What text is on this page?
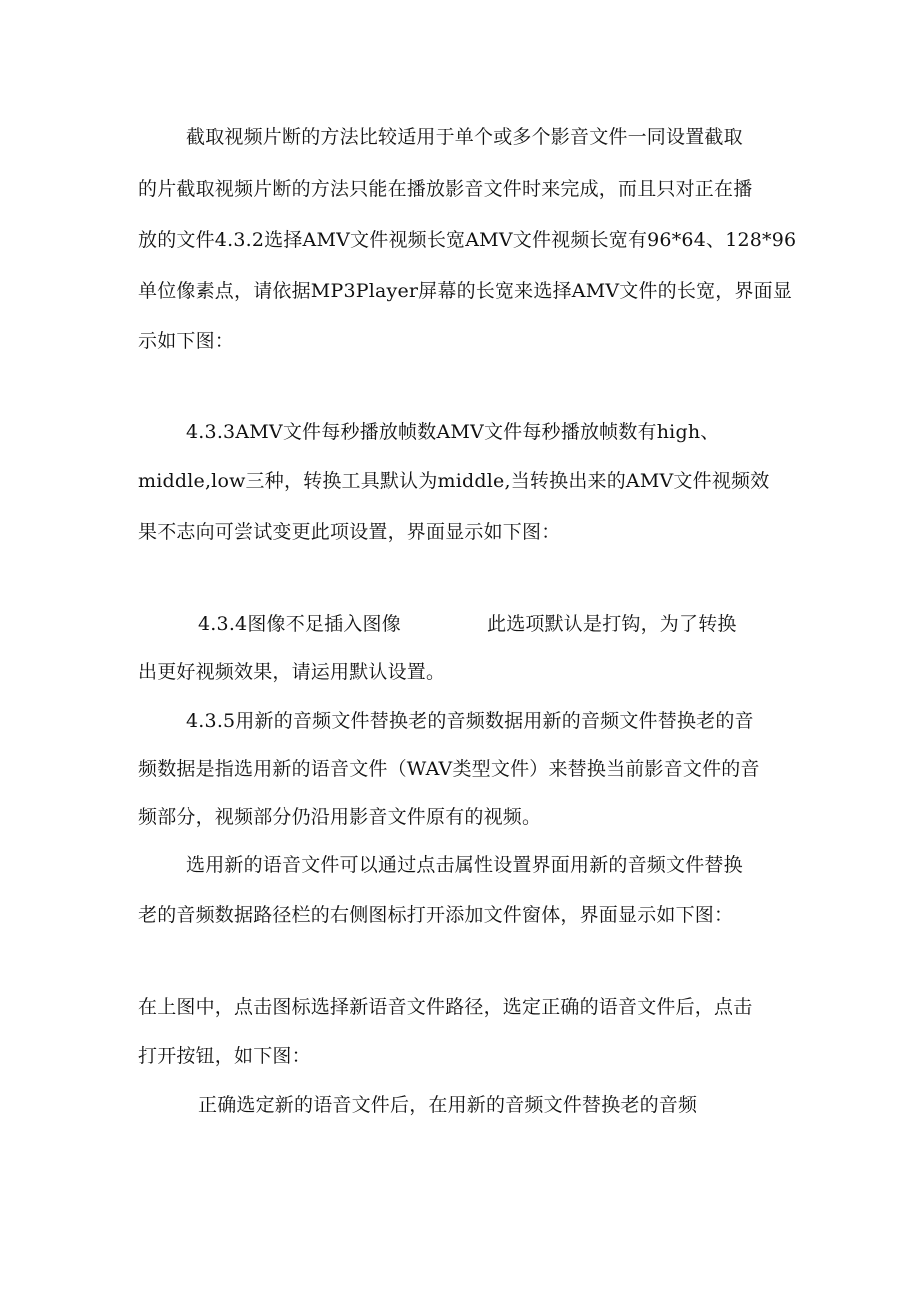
截取视频片断的方法比较适用于单个或多个影音文件一同设置截取
的片截取视频片断的方法只能在播放影音文件时来完成，而且只对正在播
放的文件4.3.2选择AMV文件视频长宽AMV文件视频长宽有96*64、128*96
单位像素点，请依据MP3Player屏幕的长宽来选择AMV文件的长宽，界面显
示如下图：
4.3.3AMV文件每秒播放帧数AMV文件每秒播放帧数有high、
middle,low三种，转换工具默认为middle,当转换出来的AMV文件视频效
果不志向可尝试变更此项设置，界面显示如下图：
4.3.4图像不足插入图像	此选项默认是打钩，为了转换
出更好视频效果，请运用默认设置。
4.3.5用新的音频文件替换老的音频数据用新的音频文件替换老的音
频数据是指选用新的语音文件（WAV类型文件）来替换当前影音文件的音
频部分，视频部分仍沿用影音文件原有的视频。
选用新的语音文件可以通过点击属性设置界面用新的音频文件替换
老的音频数据路径栏的右侧图标打开添加文件窗体，界面显示如下图：
在上图中，点击图标选择新语音文件路径，选定正确的语音文件后，点击
打开按钮，如下图：
正确选定新的语音文件后，在用新的音频文件替换老的音频
